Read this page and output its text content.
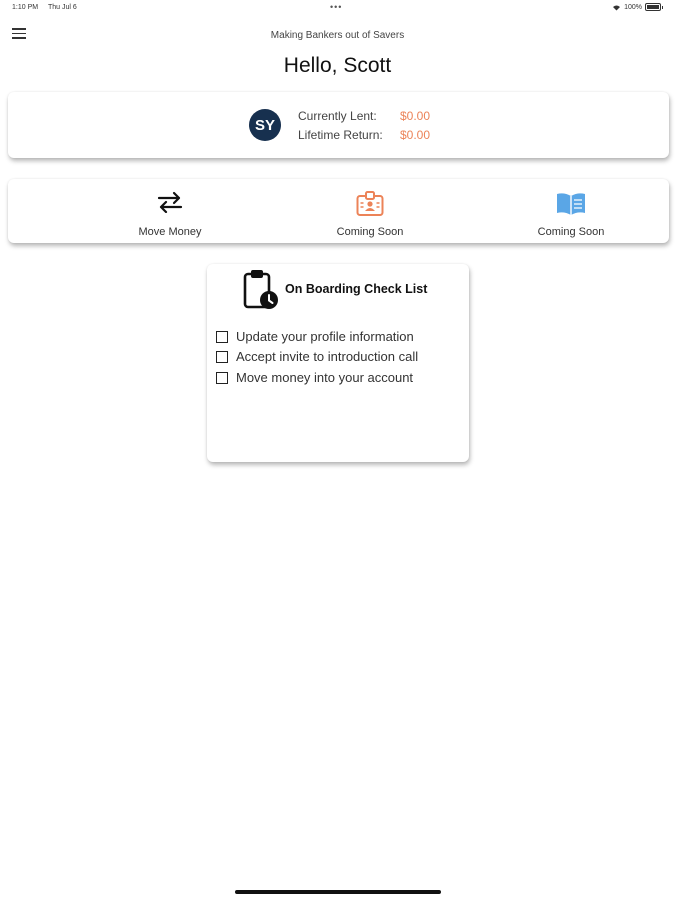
1:10 PM Thu Jul 6	•••	100%
Making Bankers out of Savers
Hello, Scott
SY
Currently Lent: $0.00
Lifetime Return: $0.00
Move Money	Coming Soon	Coming Soon
On Boarding Check List
Update your profile information
Accept invite to introduction call
Move money into your account
